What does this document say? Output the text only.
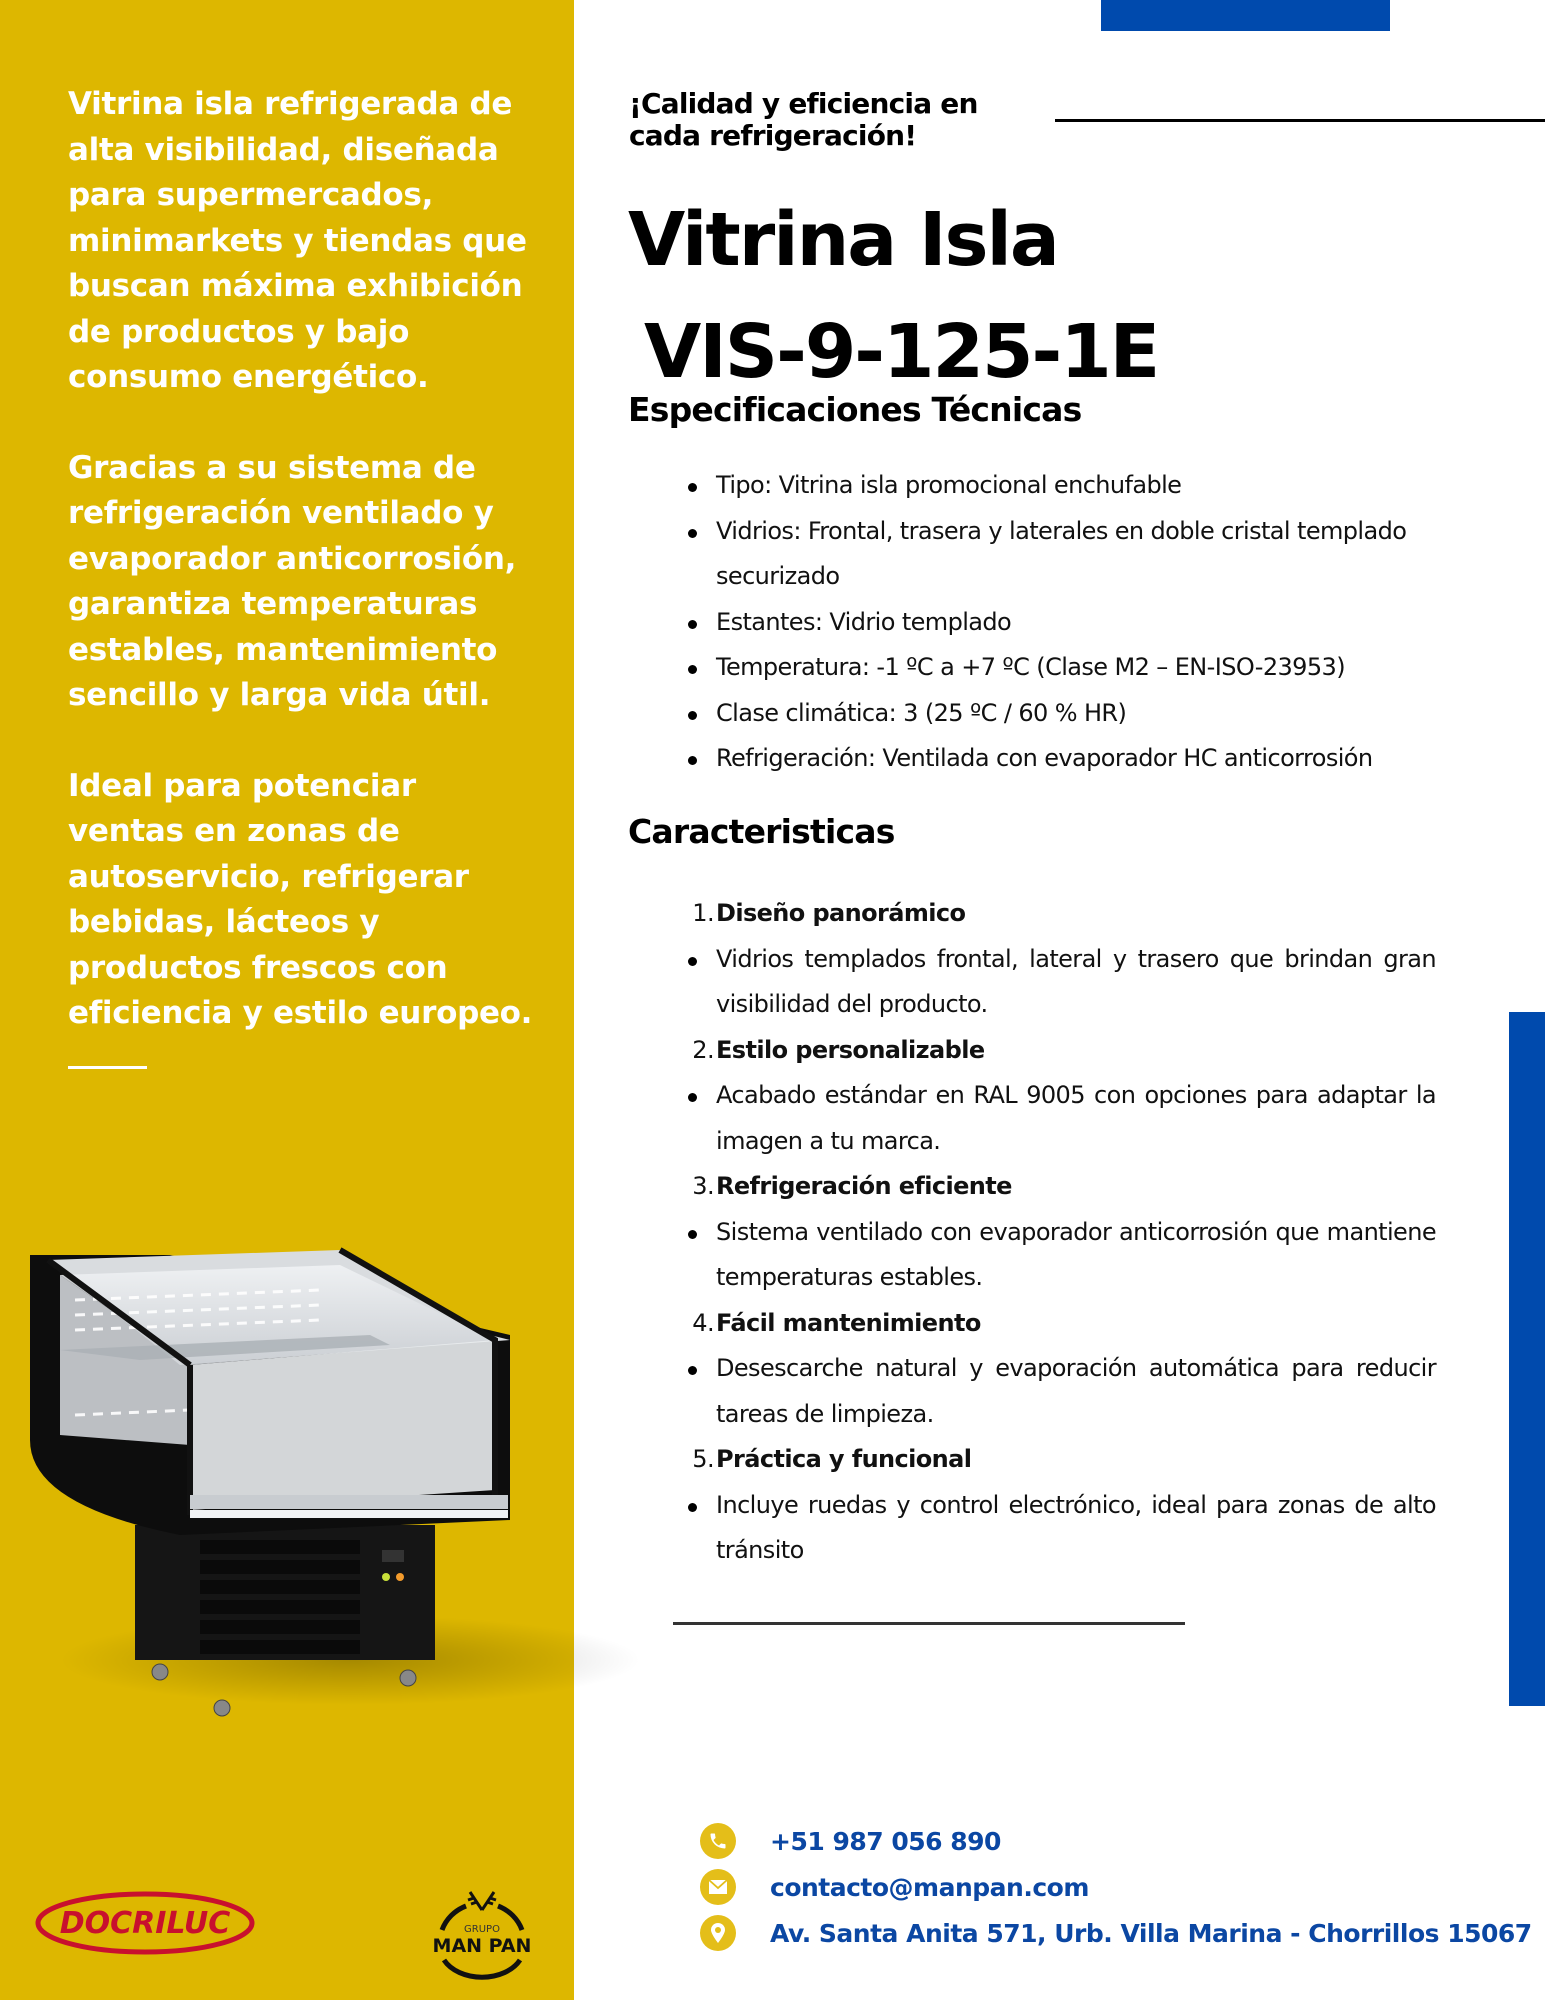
Vitrina isla refrigerada de alta visibilidad, diseñada para supermercados, minimarkets y tiendas que buscan máxima exhibición de productos y bajo consumo energético.

Gracias a su sistema de refrigeración ventilado y evaporador anticorrosión, garantiza temperaturas estables, mantenimiento sencillo y larga vida útil.

Ideal para potenciar ventas en zonas de autoservicio, refrigerar bebidas, lácteos y productos frescos con eficiencia y estilo europeo.

DOCRILUC	GRUPO
MAN PAN
¡Calidad y eficiencia en
cada refrigeración!
Vitrina Isla
VIS-9-125-1E
Especificaciones Técnicas
Tipo: Vitrina isla promocional enchufable
Vidrios: Frontal, trasera y laterales en doble cristal templado securizado
Estantes: Vidrio templado
Temperatura: -1 ºC a +7 ºC (Clase M2 – EN-ISO-23953)
Clase climática: 3 (25 ºC / 60 % HR)
Refrigeración: Ventilada con evaporador HC anticorrosión
Caracteristicas
1. Diseño panorámico
Vidrios templados frontal, lateral y trasero que brindan gran visibilidad del producto.
2. Estilo personalizable
Acabado estándar en RAL 9005 con opciones para adaptar la imagen a tu marca.
3. Refrigeración eficiente
Sistema ventilado con evaporador anticorrosión que mantiene temperaturas estables.
4. Fácil mantenimiento
Desescarche natural y evaporación automática para reducir tareas de limpieza.
5. Práctica y funcional
Incluye ruedas y control electrónico, ideal para zonas de alto tránsito
+51 987 056 890
contacto@manpan.com
Av. Santa Anita 571, Urb. Villa Marina - Chorrillos 15067
